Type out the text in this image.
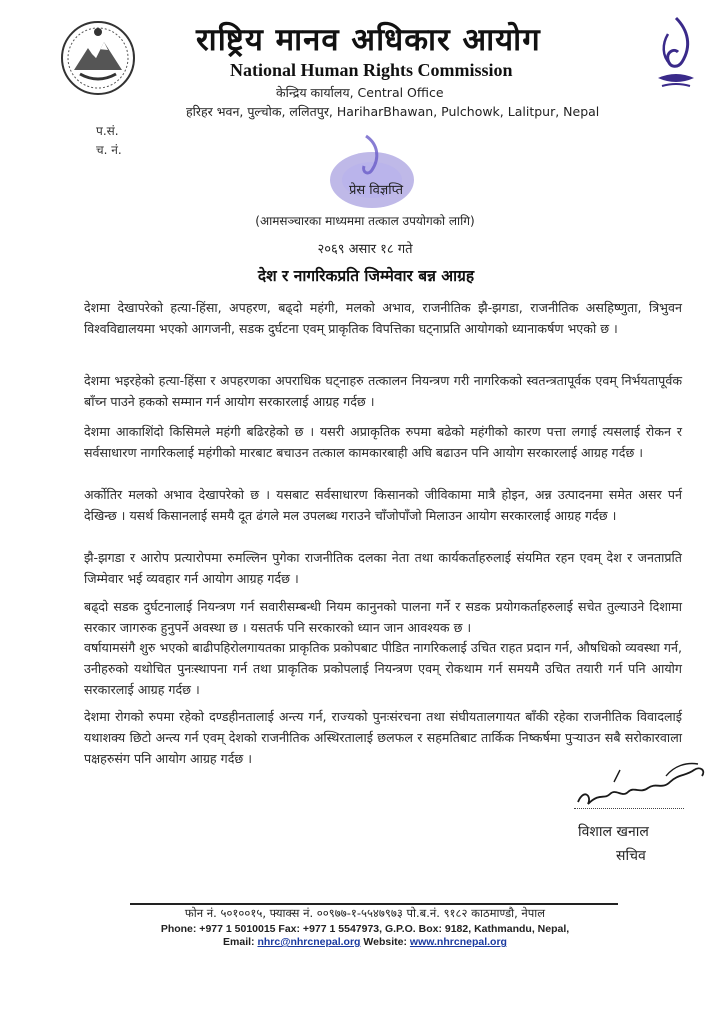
राष्ट्रिय मानव अधिकार आयोग
National Human Rights Commission
केन्द्रिय कार्यालय, Central Office
हरिहर भवन, पुल्चोक, ललितपुर, HariharBhawan, Pulchowk, Lalitpur, Nepal
प.सं.
च. नं.
प्रेस विज्ञप्ति
(आमसञ्चारका माध्यममा तत्काल उपयोगको लागि)
२०६९ असार १८ गते
देश र नागरिकप्रति जिम्मेवार बन्न आग्रह

देशमा देखापरेको हत्या-हिंसा, अपहरण, बढ्दो महंगी, मलको अभाव, राजनीतिक झै-झगडा, राजनीतिक असहिष्णुता, त्रिभुवन विश्वविद्यालयमा भएको आगजनी, सडक दुर्घटना एवम् प्राकृतिक विपत्तिका घट्नाप्रति आयोगको ध्यानाकर्षण भएको छ ।

देशमा भइरहेको हत्या-हिंसा र अपहरणका अपराधिक घट्नाहरु तत्कालन नियन्त्रण गरी नागरिकको स्वतन्त्रतापूर्वक एवम् निर्भयतापूर्वक बाँच्न पाउने हकको सम्मान गर्न आयोग सरकारलाई आग्रह गर्दछ ।

देशमा आकाशिंदो किसिमले महंगी बढिरहेको छ । यसरी अप्राकृतिक रुपमा बढेको महंगीको कारण पत्ता लगाई त्यसलाई रोकन र सर्वसाधारण नागरिकलाई महंगीको मारबाट बचाउन तत्काल कामकारबाही अघि बढाउन पनि आयोग सरकारलाई आग्रह गर्दछ ।

अर्कोतिर मलको अभाव देखापरेको छ । यसबाट सर्वसाधारण किसानको जीविकामा मात्रै होइन, अन्न उत्पादनमा समेत असर पर्न देखिन्छ । यसर्थ किसानलाई समयै दूत ढंगले मल उपलब्ध गराउने चाँजोपाँजो मिलाउन आयोग सरकारलाई आग्रह गर्दछ ।

झै-झगडा र आरोप प्रत्यारोपमा रुमल्लिन पुगेका राजनीतिक दलका नेता तथा कार्यकर्ताहरुलाई संयमित रहन एवम् देश र जनताप्रति जिम्मेवार भई व्यवहार गर्न आयोग आग्रह गर्दछ ।

बढ्दो सडक दुर्घटनालाई नियन्त्रण गर्न सवारीसम्बन्धी नियम कानुनको पालना गर्ने र सडक प्रयोगकर्ताहरुलाई सचेत तुल्याउने दिशामा सरकार जागरुक हुनुपर्ने अवस्था छ । यसतर्फ पनि सरकारको ध्यान जान आवश्यक छ ।

वर्षायामसंगै शुरु भएको बाढीपहिरोलगायतका प्राकृतिक प्रकोपबाट पीडित नागरिकलाई उचित राहत प्रदान गर्न, औषधिको व्यवस्था गर्न, उनीहरुको यथोचित पुनःस्थापना गर्न तथा प्राकृतिक प्रकोपलाई नियन्त्रण एवम् रोकथाम गर्न समयमै उचित तयारी गर्न पनि आयोग सरकारलाई आग्रह गर्दछ ।

देशमा रोगको रुपमा रहेको दण्डहीनतालाई अन्त्य गर्न, राज्यको पुनःसंरचना तथा संघीयतालगायत बाँकी रहेका राजनीतिक विवादलाई यथाशक्य छिटो अन्त्य गर्न एवम् देशको राजनीतिक अस्थिरतालाई छलफल र सहमतिबाट तार्किक निष्कर्षमा पुर्‍याउन सबै सरोकारवाला पक्षहरुसंग पनि आयोग आग्रह गर्दछ ।

विशाल खनाल
सचिव
फोन नं. ५०१००१५, फ्याक्स नं. ००९७७-१-५५४७९७३ पो.ब.नं. ९१८२ काठमाण्डौ, नेपाल
Phone: +977 1 5010015 Fax: +977 1 5547973, G.P.O. Box: 9182, Kathmandu, Nepal,
Email: nhrc@nhrcnepal.org Website: www.nhrcnepal.org
